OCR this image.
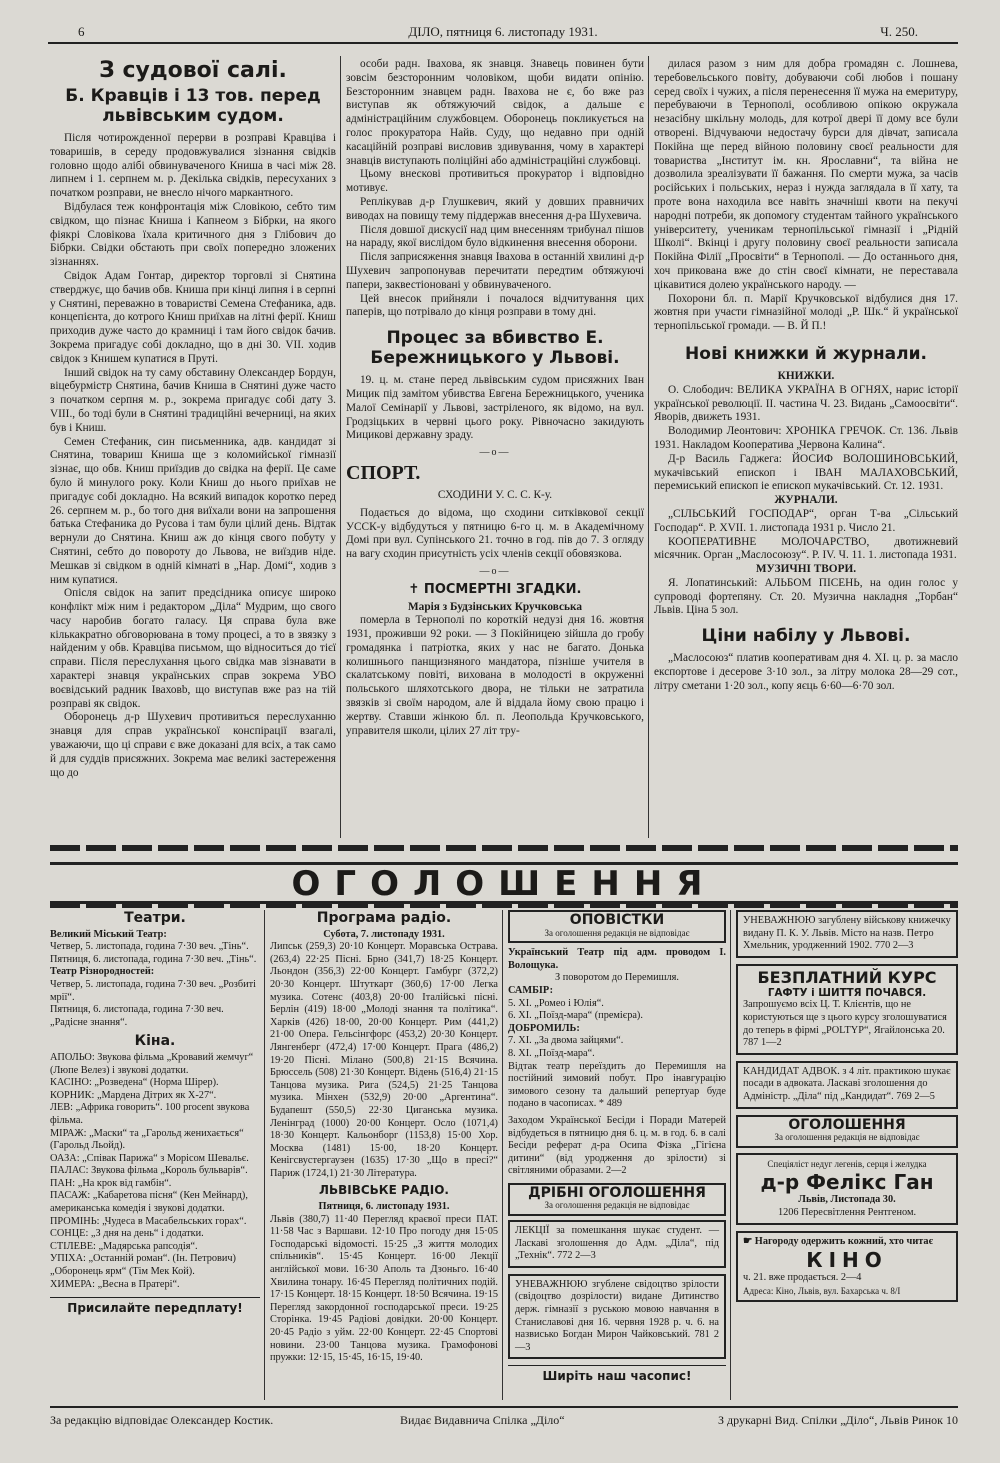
6	ДІЛО, пятниця 6. листопаду 1931.	Ч. 250.
З судової салі.
Б. Кравців і 13 тов. перед львівським судом.

Після чотирожденної перерви в розправі Кравціва і товаришів, в середу продовжувалися зізнання свідків головно щодо алібі обвинуваченого Книша в часі між 28. липнем і 1. серпнем м. р. Декілька свідків, пересуханих з початком розправи, не внесло нічого маркантного.

Відбулася теж конфронтація між Словікою, себто тим свідком, що пізнає Книша і Капнеом з Бібрки, на якого фіякрі Словікова їхала критичного дня з Глібович до Бібрки. Свідки обстають при своїх попередно зложених зізнаннях.

Свідок Адам Гонтар, директор торговлі зі Снятина стверджує, що бачив обв. Книша при кінці липня і в серпні у Снятині, переважно в товаристві Семена Стефаника, адв. концепієнта, до котрого Книш приїхав на літні ферії. Книш приходив дуже часто до крамниці і там його свідок бачив. Зокрема пригадує собі докладно, що в дні 30. VII. ходив свідок з Книшем купатися в Пруті.

Інший свідок на ту саму обставину Олександер Бордун, віцебурмістр Снятина, бачив Книша в Снятині дуже часто з початком серпня м. р., зокрема пригадує собі дату 3. VIII., бо тоді були в Снятині традиційні вечерниці, на яких був і Книш.

Семен Стефаник, син письменника, адв. кандидат зі Снятина, товариш Книша ще з коломийської гімназії зізнає, що обв. Книш приїздив до свідка на ферії. Це саме було й минулого року. Коли Книш до нього приїхав не пригадує собі докладно. На всякий випадок коротко перед 26. серпнем м. р., бо того дня виїхали вони на запрошення батька Стефаника до Русова і там були цілий день. Відтак вернули до Снятина. Книш аж до кінця свого побуту у Снятині, себто до повороту до Львова, не виїздив ніде. Мешкав зі свідком в одній кімнаті в „Нар. Домі“, ходив з ним купатися.

Опісля свідок на запит предсідника описує широко конфлікт між ним і редактором „Діла“ Мудрим, що свого часу наробив богато галасу. Ця справа була вже кількакратно обговорювана в тому процесі, а то в звязку з найденим у обв. Кравціва письмом, що відноситься до тієї справи. Після переслухання цього свідка мав зізнавати в характері знавця українських справ зокрема УВО воєвідський радник Іваховb, що виступав вже раз на тій розправі як свідок.

Оборонець д-р Шухевич противиться переслуханню знавця для справ української конспірації взагалі, уважаючи, що ці справи є вже доказані для всіх, а так само й для суддів присяжних. Зокрема має великі застереження що до

особи радн. Іваховa, як знавця. Знавець повинен бути зовсім безсторонним чоловіком, щоби видати опінію. Безсторонним знавцем радн. Іваховa не є, бо вже раз виступав як обтяжуючий свідок, а дальше є адміністраційним службовцем. Оборонець покликується на голос прокуратора Найв. Суду, що недавно при одній касаційній розправі висловив здивування, чому в характері знавців виступають поліційні або адміністраційні службовці.

Цьому внескові противиться прокуратор і відповідно мотивує.

Реплікував д-р Глушкевич, який у довших правничих виводах на повищу тему піддержав внесення д-ра Шухевича.

Після довшої дискусії над цим внесенням трибунал пішов на нараду, якої вислідом було відкинення внесення оборони.

Після заприсяження знавця Іваховa в останній хвилині д-р Шухевич запропонував перечитати передтим обтяжуючі папери, заквестіоновані у обвинуваченого.

Цей внесок прийняли і почалося відчитування цих паперів, що потрівало до кінця розправи в тому дні.

Процес за вбивство Е. Бережницького у Львові.

19. ц. м. стане перед львівським судом присяжних Іван Мицик під замітом убивства Евгена Бережницького, ученика Малої Семінарії у Львові, застріленого, як відомо, на вул. Гродзіцьких в червні цього року. Рівночасно закидують Мицикові державну зраду.

—о—
СПОРТ.
СХОДИНИ У. С. С. К-у.

Подається до відома, що сходини ситківкової секції УССК-у відбудуться у пятницю 6-го ц. м. в Академічному Домі при вул. Супінського 21. точно в год. пів до 7. З огляду на вагу сходин присутність усіх членів секції обовязкова.

—о—
✝ ПОСМЕРТНІ ЗГАДКИ.
Марія з Будзінських Кручковська

померла в Тернополі по короткій недузі дня 16. жовтня 1931, проживши 92 роки. — З Покійницею зійшла до гробу громадянка і патріотка, яких у нас не багато. Донька колишнього панщизняного мандатора, пізніше учителя в скалатському повіті, вихована в молодості в окруженні польського шляхотського двора, не тільки не затратила звязків зі своїм народом, але й віддала йому свою працю і жертву. Ставши жінкою бл. п. Леопольда Кручковського, управителя школи, цілих 27 літ тру-

дилася разом з ним для добра громадян с. Лошнева, теребовельського повіту, добуваючи собі любов і пошану серед своїх і чужих, а після перенесення її мужа на емеритуру, перебуваючи в Тернополі, особливою опікою окружала незасібну шкільну молодь, для котрої двері її дому все були отворені. Відчуваючи недостачу бурси для дівчат, записала Покійна ще перед війною половину своєї реальности для товариства „Інститут ім. кн. Ярославни“, та війна не дозволила зреалізувати її бажання. По смерти мужа, за часів російських і польських, нераз і нужда заглядала в її хату, та проте вона находила все навіть значніші квоти на пекучі народні потреби, як допомогу студентам тайного українського університету, ученикам тернопільської гімназії і „Рідній Школі“. Вкінці і другу половину своєї реальности записала Покійна Філії „Просвіти“ в Тернополі. — До останнього дня, хоч прикована вже до стін своєї кімнати, не переставала цікавитися долею українського народу. —

Похорони бл. п. Марії Кручковської відбулися дня 17. жовтня при участи гімназійної молоді „Р. Шк.“ й української тернопільської громади. — В. Й П.!

Нові книжки й журнали.
КНИЖКИ.

О. Слободич: ВЕЛИКА УКРАЇНА В ОГНЯХ, нарис історії української революції. II. частина Ч. 23. Видань „Самоосвіти“. Яворів, движеть 1931.

Володимир Леонтович: ХРОНІКА ГРЕЧОК. Ст. 136. Львів 1931. Накладом Кооператива „Червона Калина“.

Д-р Василь Гаджега: ЙОСИФ ВОЛОШИНОВСЬКИЙ, мукачівський епископ і ІВАН МАЛАХОВСЬКИЙ, перемиський епископ іе епископ мукачівський. Ст. 12. 1931.

ЖУРНАЛИ.

„СІЛЬСЬКИЙ ГОСПОДАР“, орган Т-ва „Сільський Господар“. Р. XVII. 1. листопада 1931 р. Число 21.

КООПЕРАТИВНЕ МОЛОЧАРСТВО, двотижневий місячник. Орган „Маслосоюзу“. Р. IV. Ч. 11. 1. листопада 1931.

МУЗИЧНІ ТВОРИ.

Я. Лопатинський: АЛЬБОМ ПІСЕНЬ, на один голос у супроводі фортепяну. Ст. 20. Музична накладня „Торбан“ Львів. Ціна 5 зол.

Ціни набілу у Львові.

„Маслосоюз“ платив кооперативам дня 4. XI. ц. р. за масло експортове і десерове 3·10 зол., за літру молока 28—29 сот., літру сметани 1·20 зол., копу яєць 6·60—6·70 зол.

ОГОЛОШЕННЯ
Театри.
Великий Міський Театр:
Четвер, 5. листопада, година 7·30 веч. „Тінь“.
Пятниця, 6. листопада, година 7·30 веч. „Тінь“.
Театр Різнородностей:
Четвер, 5. листопада, година 7·30 веч. „Розбиті мрії“.
Пятниця, 6. листопада, година 7·30 веч. „Радісне знання“.
Кіна.
АПОЛЬО: Звукова фільма „Кровавий жемчуг“ (Люпе Велез) і звукові додатки.
КАСІНО: „Розведена“ (Норма Шірер).
КОРНИК: „Мардена Дітрих як Х-27“.
ЛЕВ: „Африка говорить“. 100 procent звукова фільма.
МІРАЖ: „Маски“ та „Гарольд женихається“ (Гарольд Льойд).
ОАЗА: „Співак Парижа“ з Морісом Шевальє.
ПАЛАС: Звукова фільма „Король бульварів“.
ПАН: „На крок від гамбін“.
ПАСАЖ: „Кабаретова пісня“ (Кен Мейнард), американська комедія і звукові додатки.
ПРОМІНЬ: „Чудеса в Масабельських горах“.
СОНЦЕ: „З дня на день“ і додатки.
СТІЛЕВЕ: „Мадярська рапсодія“.
УПІХА: „Останній роман“. (Ін. Петрович) „Оборонець ярм“ (Тім Мек Кой).
ХИМЕРА: „Весна в Пратері“.
Присилайте передплату!
Програма радіо.
Субота, 7. листопаду 1931.
Липськ (259,3) 20·10 Концерт. Моравська Острава. (263,4) 22·25 Пісні. Брно (341,7) 18·25 Концерт. Льондон (356,3) 22·00 Концерт. Гамбург (372,2) 20·30 Концерт. Штуткарт (360,6) 17·00 Легка музика. Сотенс (403,8) 20·00 Італійські пісні. Берлін (419) 18·00 „Молоді знання та політика“. Харків (426) 18·00, 20·00 Концерт. Рим (441,2) 21·00 Опера. Гельсінгфорс (453,2) 20·30 Концерт. Лянгенберг (472,4) 17·00 Концерт. Прага (486,2) 19·20 Пісні. Мілано (500,8) 21·15 Всячина. Брюссель (508) 21·30 Концерт. Відень (516,4) 21·15 Танцова музика. Рига (524,5) 21·25 Танцова музика. Мінхен (532,9) 20·00 „Аргентина“. Будапешт (550,5) 22·30 Циганська музика. Ленінград (1000) 20·00 Концерт. Осло (1071,4) 18·30 Концерт. Кальонборг (1153,8) 15·00 Хор. Москва (1481) 15·00, 18·20 Концерт. Кенігсвустергаузен (1635) 17·30 „Що в пресі?“ Париж (1724,1) 21·30 Література.
ЛЬВІВСЬКЕ РАДІО.
Пятниця, 6. листопаду 1931.
Львів (380,7) 11·40 Перегляд краєвої преси ПАТ. 11·58 Час з Варшави. 12·10 Про погоду дня 15·05 Господарські відомості. 15·25 „З життя молодих спільників“. 15·45 Концерт. 16·00 Лекції англійської мови. 16·30 Аполь та Дзоньго. 16·40 Хвилина тонару. 16·45 Перегляд політичних подій. 17·15 Концерт. 18·15 Концерт. 18·50 Всячина. 19·15 Перегляд закордонної господарської преси. 19·25 Сторінка. 19·45 Радіові довідки. 20·00 Концерт. 20·45 Радіо з уйм. 22·00 Концерт. 22·45 Спортові новини. 23·00 Танцова музика. Грамофонові пружки: 12·15, 15·45, 16·15, 19·40.
ОПОВІСТКИ
За оголошення редакція не відповідає
Український Театр під адм. проводом І. Волощука.
З поворотом до Перемишля.
САМБІР:
5. XI. „Ромео і Юлія“.
6. XI. „Поїзд-мара“ (премієра).
ДОБРОМИЛЬ:
7. XI. „За двома зайцями“.
8. XI. „Поїзд-мара“.
Відтак театр переїздить до Перемишля на постійний зимовий побут. Про інавгурацію зимового сезону та дальший репертуар буде подано в часописах. * 489
Заходом Української Бесіди і Поради Матерей відбудеться в пятницю дня 6. ц. м. в год. 6. в салі Бесіди реферат д-ра Осипа Фізка „Гігієна дитини“ (від уродження до зрілости) зі світляними образами. 2—2
ДРІБНІ ОГОЛОШЕННЯ
За оголошення редакція не відповідає
ЛЕКЦІЇ за помешкання шукає студент. — Ласкаві зголошення до Адм. „Діла“, під „Технік“. 772 2—3
УНЕВАЖНЮЮ згублене свідоцтво зрілости (свідоцтво дозрілости) видане Дитинство держ. гімназії з руською мовою навчання в Станиславові дня 16. червня 1928 р. ч. 6. на назвисько Богдан Мирон Чайковський. 781 2—3
Ширіть наш часопис!
УНЕВАЖНЮЮ загублену військову книжечку видану П. К. У. Львів. Місто на назв. Петро Хмельник, уродженний 1902. 770 2—3
БЕЗПЛАТНИЙ КУРС
ГАФТУ і ШИТТЯ ПОЧАВСЯ.
Запрошуємо всіх Ц. Т. Клієнтів, що не користуються ще з цього курсу зголошуватися до теперь в фірмі „POLTYP“, Ягайлонська 20. 787 1—2
КАНДИДАТ АДВОК. з 4 літ. практикою шукає посади в адвоката. Ласкаві зголошення до Адміністр. „Діла“ під „Кандидат“. 769 2—5
ОГОЛОШЕННЯ
За оголошення редакція не відповідає
Спеціяліст недуг легенів, серця і желудка
д-р Фелікс Ган
Львів, Листопада 30.
1206 Пересвітлення Рентгеном.
☛ Нагороду одержить кожний, хто читає
КІНО
ч. 21. вже продається. 2—4
Адреса: Кіно, Львів, вул. Бахарська ч. 8/I
За редакцію відповідає Олександер Костик.	Видає Видавнича Спілка „Діло“	З друкарні Вид. Спілки „Діло“, Львів Ринок 10
